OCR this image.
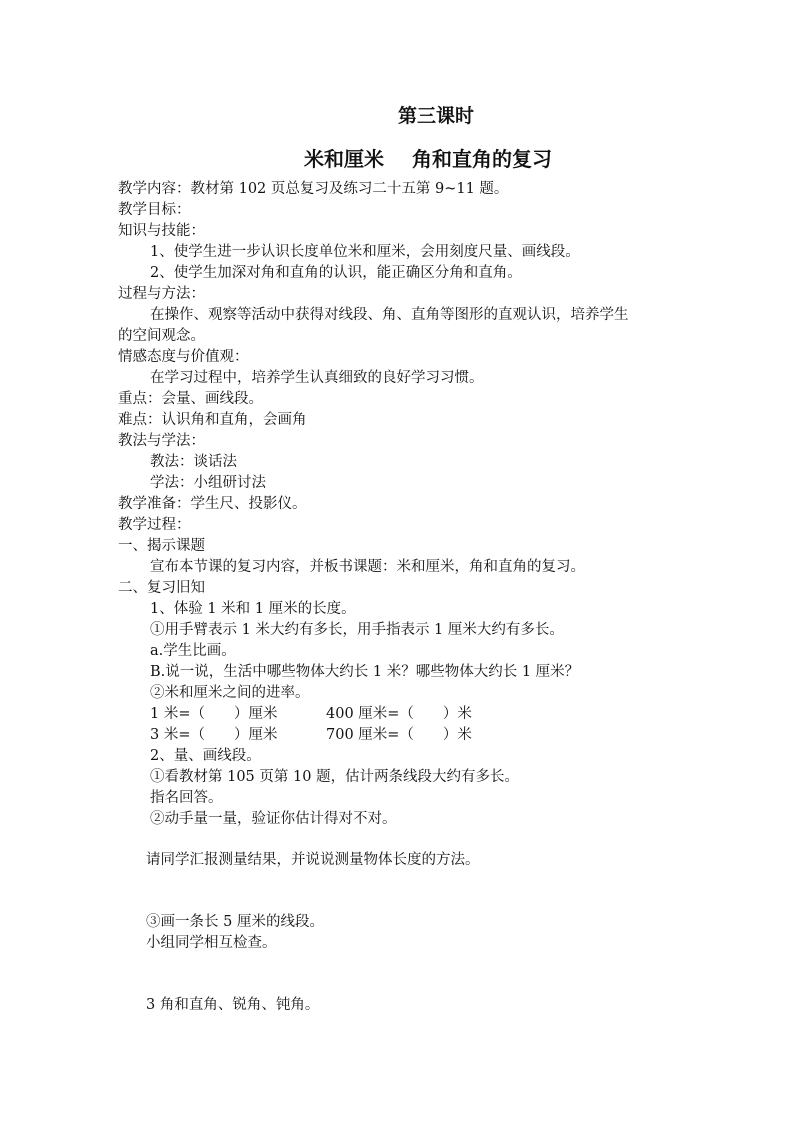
第三课时
米和厘米 角和直角的复习

教学内容：教材第 102 页总复习及练习二十五第 9~11 题。

教学目标：

知识与技能：

1、使学生进一步认识长度单位米和厘米，会用刻度尺量、画线段。

2、使学生加深对角和直角的认识，能正确区分角和直角。

过程与方法：

在操作、观察等活动中获得对线段、角、直角等图形的直观认识，培养学生

的空间观念。

情感态度与价值观：

在学习过程中，培养学生认真细致的良好学习习惯。

重点：会量、画线段。

难点：认识角和直角，会画角

教法与学法：

教法：谈话法

学法：小组研讨法

教学准备：学生尺、投影仪。

教学过程：

一、揭示课题

宣布本节课的复习内容，并板书课题：米和厘米，角和直角的复习。

二、复习旧知

1、体验 1 米和 1 厘米的长度。

①用手臂表示 1 米大约有多长，用手指表示 1 厘米大约有多长。

a.学生比画。

B.说一说，生活中哪些物体大约长 1 米？哪些物体大约长 1 厘米？

②米和厘米之间的进率。

1 米=（　　）厘米	400 厘米=（　　）米
3 米=（　　）厘米	700 厘米=（　　）米

2、量、画线段。

①看教材第 105 页第 10 题，估计两条线段大约有多长。

指名回答。

②动手量一量，验证你估计得对不对。

请同学汇报测量结果，并说说测量物体长度的方法。

③画一条长 5 厘米的线段。

小组同学相互检查。

3 角和直角、锐角、钝角。
